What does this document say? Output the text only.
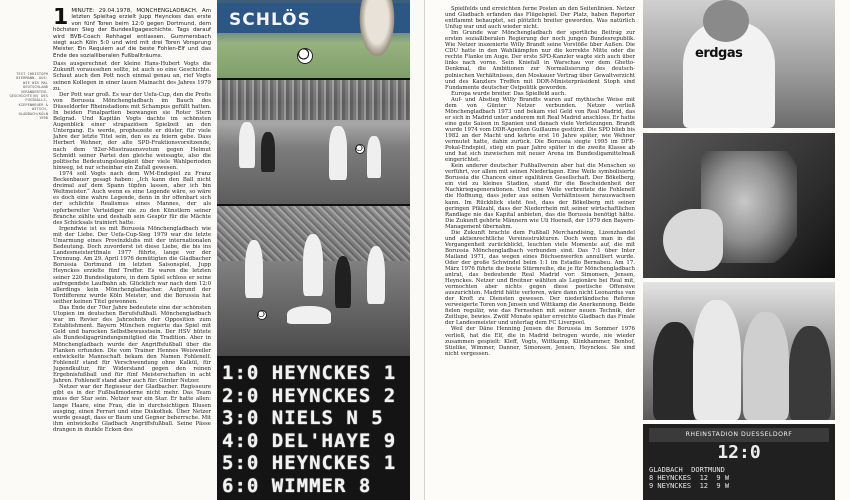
TEXT CHRISTOPH BIERMANN. AUS: WIE WIR MAL DEUTSCHLAND VERÄNDERTEN. GESCHICHTE(N) DES FUSSBALLS, KIEPENHEUER & WITSCH, GLADBACH/KÖLN 1998
1 MINUTE: 29.04.1978, MÖNCHENGLADBACH. Am letzten Spieltag erzielt Jupp Heynckes das erste von fünf Toren beim 12:0 gegen Dortmund, dem höchsten Sieg der Bundesligageschichte. Tags darauf wird BVB-Coach Rehhagel entlassen. Gummersbach siegt auch Köln 5:0 und wird mit drei Toren Vorsprung Meister. Ein Requiem auf die beste Fohlen-Elf und das Ende des sozialliberalen Fußballträums.

Dass ausgerechnet der kleine Hans-Hubert Vogts die Zukunft voraussehen sollte, ist auch so eine Geschichte. Schaut auch den Pott noch einmal genau an, rief Vogts seinen Kollegen in einer lauen Mainacht des Jahres 1979 zu.

Der Pott war groß. Es war der Uefa-Cup, den die Profis von Borussia Mönchengladbach im Bauch des Düsseldorfer Rheinstadions mit Schampus gefüllt hatten. In beiden Finalpartien bezwangen sie Roter Stern Belgrad. Und Kapitän Vogts dachte im schönsten Augenblick einer strapaziösen Spielzeit an den Untergang. Es werde, prophezeite er düster, für viele Jahre der letzte Titel sein, den es zu feiern gebe. Dass Herbert Wehner, der alte SPD-Fraktionsvorsitzende, nach dem '82er-Misstrauensvotum gegen Helmut Schmidt seiner Partei den gleiche weissagte, also die politische Bedeutungslosigkeit über viele Wahlperioden hinweg, ist nur scheinbar ein Zufall gewesen.

1974 soll Vogts nach dem WM-Endspiel zu Franz Beckenbauer gesagt haben: „Ich kann den Ball nicht dreimal auf dem Spann tüpfen lassen, aber ich bin Weltmeister.“ Auch wenn es eine Legende wäre, so wäre es doch eine wahre Legende, denn in ihr offenbart sich der schlichte Realismus eines Mannes, der als opferbereiter Verteidiger nie zu den Künstlern seiner Branche zählte und deshalb sein Gespür für die Mächte des Schicksals trainiert hatte.

Irgendwie ist es mit Borussia Mönchengladbach wie mit der Liebe. Der Uefa-Cup-Sieg 1979 war die letzte Umarmung eines Provinzklubs mit der internationalen Bedeutung. Doch zuvorderst ist diese Liebe, die bis ins Landesmeistertfinale 1977 führte, lange vor der Trennung. Am 29. April 1976 demütigten die Gladbacher Borussia Dortmund im letzten Saisonspiel, Jupp Heynckes erzielte fünf Treffer. Es waren die letzten seiner 220 Bundesligatore, in dem Spiel schloss er seine aufregendste Laufbahn ab. Glücklich war nach dem 12:0 allerdings kein Mönchengladbacher. Aufgrund der Tordifferenz wurde Köln Meister, und die Borussia hat seither keinen Titel gewonnen.

Das Ende der 70er Jahre bedeutete eine der schönsten Utopien im deutschen Berufsfußball. Mönchengladbach war im Revier des Jahrzehnts der Opposition zum Establishment. Bayern München regierte das Spiel mit Geld und barocken Selbstbewusstsein. Der HSV hütete als Bundesligagründungsmitglied die Tradition. Aber in Mönchengladbach wurde der Angriffsfußball über die Flanken erfunden. Die vom Trainer Hennes Weisweiler entwickelte Mannschaft bekam den Namen Fohlenelf. Fohlenelf stand für Verschwendung ohne Kalkül, für Jugendkultur, für Widerstand gegen den reinen Ergebnisfußball und für fünf Meisterschaften in acht Jahren. Fohlenelf stand aber auch für: Günter Netzer.

Netzer war der Regisseur der Gladbacher. Regisseure gibt es in der Fußballmoderne nicht mehr. Das Team muss der Star sein. Netzer war ein Star. Er hatte allen: lange Haare, eine Frau, die in durchsichtigen Blusen ausging, einen Ferrari und eine Diskothek. Über Netzer wurde gesagt, dass er Baum und Gegner beherrsche. Mit ihm entwickelte Gladbach Angriffsfußball. Seine Pässe drangen in dunkle Ecken des

SCHLÖS
1:0 HEYNCKES 1
2:0 HEYNCKES 2
3:0 NIELS N 5
4:0 DEL'HAYE 9
5:0 HEYNCKES 1
6:0 WIMMER 8

Spielfelds und erreichten ferne Posten an den Seitenlinien. Netzer und Gladbach erfanden das Flügelspiel. Der Platz, haben Reporter entflammt behauptet, sei plötzlich breiter geworden. Was natürlich Unfug war und auch wieder nicht.

Im Grunde war Mönchengladbach der sportliche Beitrag zur ersten sozialliberalen Regierung der noch jungen Bundesrepublik. Wie Netzer inszenierte Willy Brandt seine Vorstöße über Außen. Die CDU hatte in den Wahlkämpfen nur die korrekte Mitte oder die rechte Flanke im Auge. Der erste SPD-Kanzler wagte sich auch über links nach vorne. Sein Kniefall in Warschau vor dem Ghetto-Denkmal, die Ambitionen zur Normalisierung des deutsch-polnischen Verhältnisses, den Moskauer Vertrag über Gewaltverzicht und des Kanzlers Treffen mit DDR-Ministerpräsident Stoph sind Fundamente deutscher Ostpolitik geworden.

Europa wurde breiter. Das Spielfeld auch.

Auf- und Abstieg Willy Brandts waren auf mythische Weise mit dem von Günter Netzer verbunden. Netzer verließ Mönchengladbach 1973 und bekam viel Geld von Real Madrid, das er sich in Madrid unter anderem mit Real Madrid anschloss. Er hatte eine gute Saison in Spanien und danach viele Verletzungen. Brandt wurde 1974 vom DDR-Agenten Guillaume gestürzt. Die SPD blieb bis 1982 an der Macht und kehrte erst 16 Jahre später, wie Wehner vermutet hatte, dahin zurück. Die Borussia siegte 1995 im DFB-Pokal-Endspiel, stieg ein paar Jahre später in die zweite Klasse ab und hat sich inzwischen mit neuer Arena im Bundesligamittelmaß eingerichtet.

Kein anderer deutscher Fußballverein aber hat die Menschen so verführt, vor allem mit seinen Niederlagen. Eine Weile symbolisierte Borussia die Chancen einer egalitären Gesellschaft. Der Bökelberg, ein viel zu kleines Stadion, stand für die Bescheidenheit der Nachkriegsgenerationen. Und eine Weile verbreitete die Fohlenelf die Hoffnung, dass jeder aus seinen Verhältnissen herauswachsen kann. Im Rückblick steht fest, dass der Bökelberg mit seiner geringen Pfälzahl, dass der Niederrhein mit seiner wirtschaftlichen Randlage nie das Kapital anbieten, das die Borussia benötigt hätte. Die Zukunft gehörte Männern wie Uli Hoeneß, der 1979 den Bayern-Management übernahm.

Die Zukunft brachte dem Fußball Merchandising, Lizenzhandel und aktienrechtliche Vereinsstrukturen. Doch wenn man in die Vergangenheit zurückblickt, leuchten viele Momente auf, die mit Borussia Mönchengladbach verbunden sind. Das 7:1 über Inter Mailand 1971, das wegen eines Büchsenwerfen annulliert wurde. Oder der große Schwindel beim 1:1 im Estadio Bernabeu. Am 17. März 1976 führte die beste Stürmreihe, die je für Mönchengladbach antrat, das bedeutende Real Madrid vor: Simonsen, Jensen, Heynckes. Netzer und Breitner wählten als Legionäre bei Real mit, vermochten aber nichts gegen diese poetische Offensive auszurichten. Madrid hätte verloren, wäre dann nicht Leonardus van der Kroft zu Diensten gewesen. Der niederländische Referee verweigerte Toren von Jensen und Wittkamp die Anerkennung. Beide fielen regulär, wie das Fernsehen mit seiner neuen Technik, der Zeitlupe, bewies. Zwölf Monate später erreichte Gladbach das Finale der Landesmeister und unterlag dem FC Liverpool.

Weil der Däne Henning Jensen die Borussia im Sommer 1976 verließ, hat die Elf, die in Madrid betrogen wurde, nie wieder zusammen gespielt: Kleff, Vogts, Wittkamp, Klinkhammer, Bonhof, Stielike, Wimmer, Danner, Simonsen, Jensen, Heynckes. Sie sind nicht vergessen.

erdgas
RHEINSTADION DUESSELDORF
12:0
GLADBACH  DORTMUND
8 HEYNCKES  12  9 W
9 NEYNCKES  12  9 W
